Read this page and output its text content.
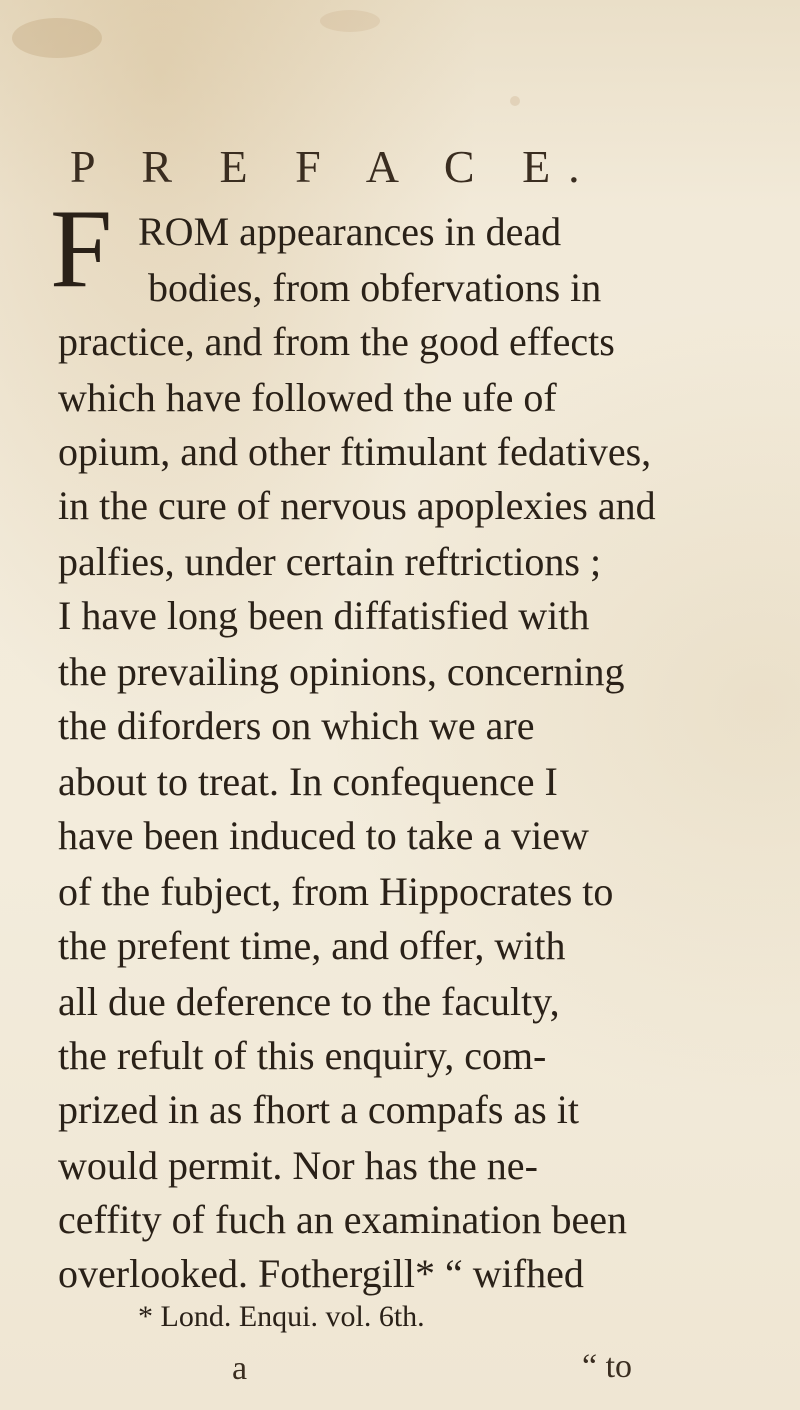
P R E F A C E.
F ROM appearances in dead
bodies, from obfervations in
practice, and from the good effects
which have followed the ufe of
opium, and other ftimulant fedatives,
in the cure of nervous apoplexies and
palfies, under certain reftrictions ;
I have long been diffatisfied with
the prevailing opinions, concerning
the diforders on which we are
about to treat. In confequence I
have been induced to take a view
of the fubject, from Hippocrates to
the prefent time, and offer, with
all due deference to the faculty,
the refult of this enquiry, com-
prized in as fhort a compafs as it
would permit. Nor has the ne-
ceffity of fuch an examination been
overlooked. Fothergill* “ wifhed
* Lond. Enqui. vol. 6th.
a	“ to
